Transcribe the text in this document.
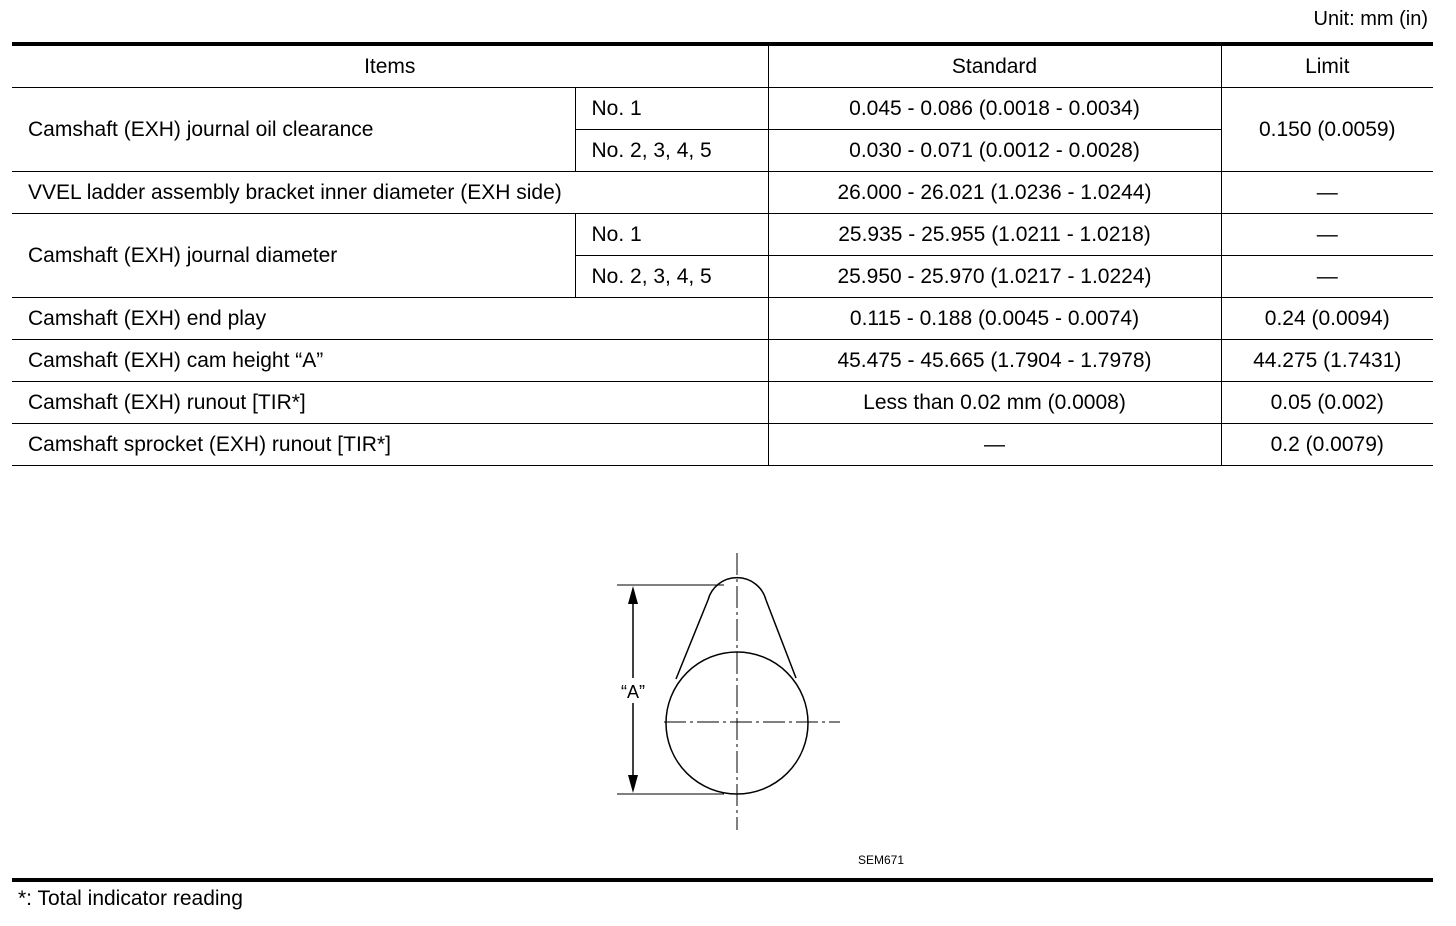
Unit: mm (in)
Items		Standard	Limit
Camshaft (EXH) journal oil clearance	No. 1	0.045 - 0.086 (0.0018 - 0.0034)	0.150 (0.0059)
	No. 2, 3, 4, 5	0.030 - 0.071 (0.0012 - 0.0028)	
VVEL ladder assembly bracket inner diameter (EXH side)		26.000 - 26.021 (1.0236 - 1.0244)	—
Camshaft (EXH) journal diameter	No. 1	25.935 - 25.955 (1.0211 - 1.0218)	—
	No. 2, 3, 4, 5	25.950 - 25.970 (1.0217 - 1.0224)	—
Camshaft (EXH) end play		0.115 - 0.188 (0.0045 - 0.0074)	0.24 (0.0094)
Camshaft (EXH) cam height “A”		45.475 - 45.665 (1.7904 - 1.7978)	44.275 (1.7431)
Camshaft (EXH) runout [TIR*]		Less than 0.02 mm (0.0008)	0.05 (0.002)
Camshaft sprocket (EXH) runout [TIR*]		—	0.2 (0.0079)
“A”
SEM671
*: Total indicator reading
